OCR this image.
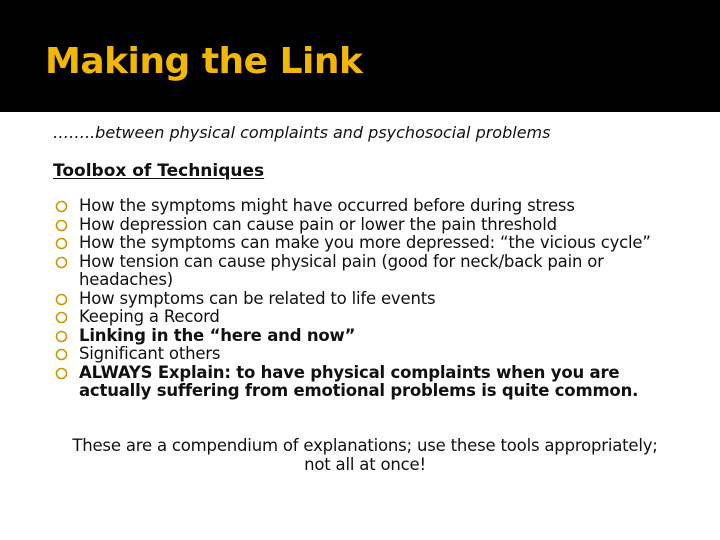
Making the Link

……..between physical complaints and psychosocial problems

Toolbox of Techniques
How the symptoms might have occurred before during stress
How depression can cause pain or lower the pain threshold
How the symptoms can make you more depressed: “the vicious cycle”
How tension can cause physical pain (good for neck/back pain or headaches)
How symptoms can be related to life events
Keeping a Record
Linking in the “here and now”
Significant others
ALWAYS Explain: to have physical complaints when you are actually suffering from emotional problems is quite common.

These are a compendium of explanations; use these tools appropriately; not all at once!
